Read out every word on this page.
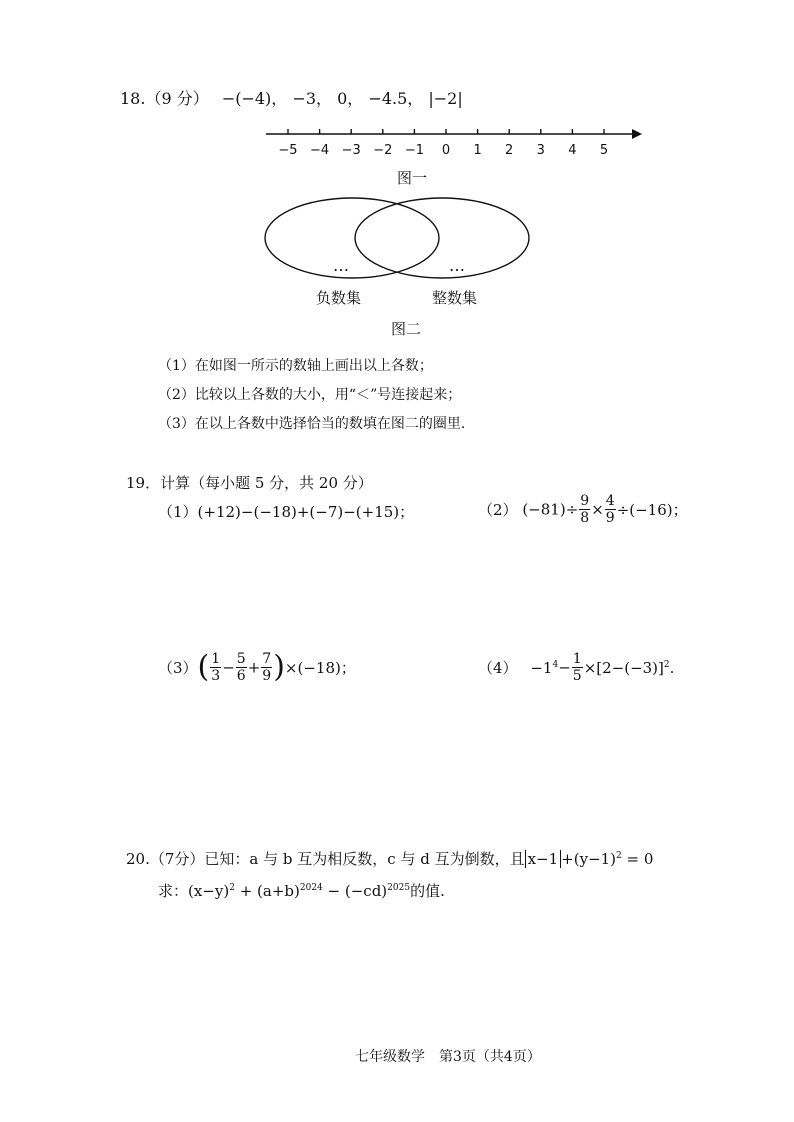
18.（9 分） −(−4)， −3， 0， −4.5， |−2|
−5 −4 −3 −2 −1 0 1 2 3 4 5
图一
…	…
负数集	整数集
图二
（1）在如图一所示的数轴上画出以上各数；
（2）比较以上各数的大小，用“＜”号连接起来；
（3）在以上各数中选择恰当的数填在图二的圈里.
19．计算（每小题 5 分，共 20 分）
（1）(+12)−(−18)+(−7)−(+15)；	（2） $(-81)\div \frac{9}{8} \times \frac{4}{9} \div(-16)$；
$(3)( \frac{1}{3} - \frac{5}{6} + \frac{7}{9} )\times(-18)$；	$(4) -1^4- \frac{1}{5} \times[2-(-3)]^2$.
20.（7分）已知：a 与 b 互为相反数，c 与 d 互为倒数，且 $x-1 +(y-1)^2 = 0$
求：$(x-y)^2 + (a+b)^{2024} - (-cd)^{2025}$的值.
七年级数学　第3页（共4页）
